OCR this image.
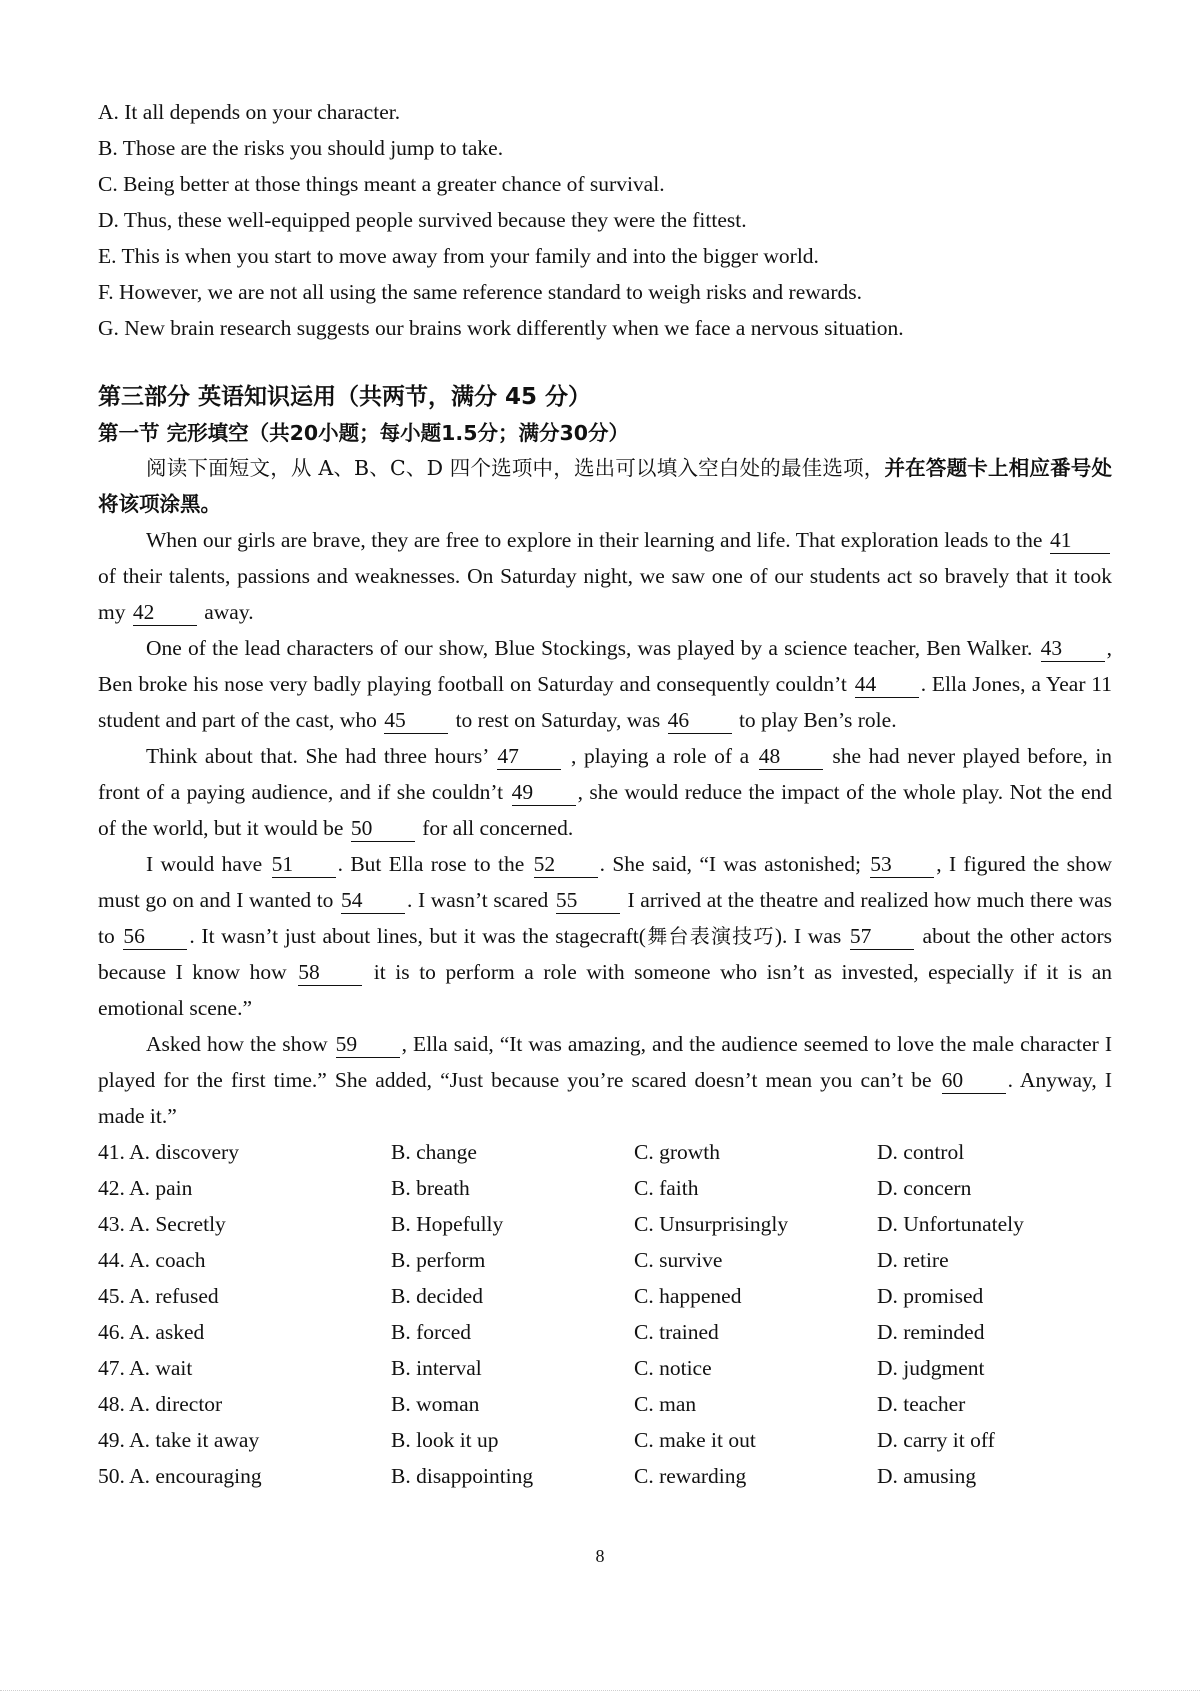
A. It all depends on your character.
B. Those are the risks you should jump to take.
C. Being better at those things meant a greater chance of survival.
D. Thus, these well-equipped people survived because they were the fittest.
E. This is when you start to move away from your family and into the bigger world.
F. However, we are not all using the same reference standard to weigh risks and rewards.
G. New brain research suggests our brains work differently when we face a nervous situation.
第三部分 英语知识运用（共两节，满分 45 分）
第一节 完形填空（共20小题；每小题1.5分；满分30分）
阅读下面短文，从 A、B、C、D 四个选项中，选出可以填入空白处的最佳选项，并在答题卡上相应番号处将该项涂黑。
When our girls are brave, they are free to explore in their learning and life. That exploration leads to the 41 of their talents, passions and weaknesses. On Saturday night, we saw one of our students act so bravely that it took my 42 away.
One of the lead characters of our show, Blue Stockings, was played by a science teacher, Ben Walker. 43 , Ben broke his nose very badly playing football on Saturday and consequently couldn’t 44 . Ella Jones, a Year 11 student and part of the cast, who 45 to rest on Saturday, was 46 to play Ben’s role.
Think about that. She had three hours’ 47 , playing a role of a 48 she had never played before, in front of a paying audience, and if she couldn’t 49 , she would reduce the impact of the whole play. Not the end of the world, but it would be 50 for all concerned.
I would have 51 . But Ella rose to the 52 . She said, “I was astonished; 53 , I figured the show must go on and I wanted to 54 . I wasn’t scared 55 I arrived at the theatre and realized how much there was to 56 . It wasn’t just about lines, but it was the stagecraft(舞台表演技巧). I was 57 about the other actors because I know how 58	it is to perform a role with someone who isn’t as invested, especially if it is an emotional scene.”
Asked how the show 59 , Ella said, “It was amazing, and the audience seemed to love the male character I played for the first time.” She added, “Just because you’re scared doesn’t mean you can’t be 60 . Anyway, I made it.”
41. A. discovery	B. change	C. growth	D. control
42. A. pain	B. breath	C. faith	D. concern
43. A. Secretly	B. Hopefully	C. Unsurprisingly	D. Unfortunately
44. A. coach	B. perform	C. survive	D. retire
45. A. refused	B. decided	C. happened	D. promised
46. A. asked	B. forced	C. trained	D. reminded
47. A. wait	B. interval	C. notice	D. judgment
48. A. director	B. woman	C. man	D. teacher
49. A. take it away	B. look it up	C. make it out	D. carry it off
50. A. encouraging	B. disappointing	C. rewarding	D. amusing
8
